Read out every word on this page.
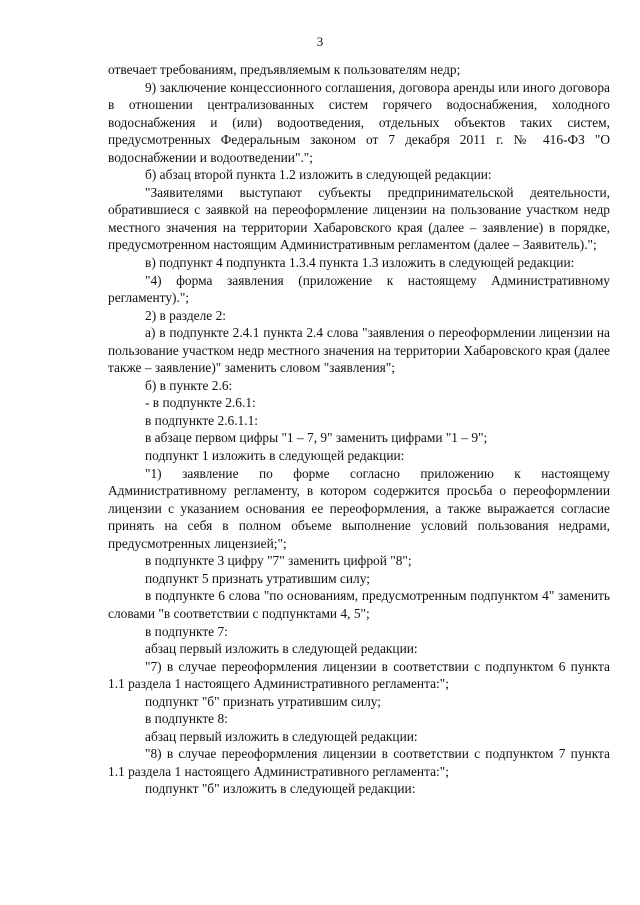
3

отвечает требованиям, предъявляемым к пользователям недр;

9) заключение концессионного соглашения, договора аренды или иного договора в отношении централизованных систем горячего водоснабжения, холодного водоснабжения и (или) водоотведения, отдельных объектов таких систем, предусмотренных Федеральным законом от 7 декабря 2011 г. № 416-ФЗ "О водоснабжении и водоотведении".";

б) абзац второй пункта 1.2 изложить в следующей редакции:

"Заявителями выступают субъекты предпринимательской деятельности, обратившиеся с заявкой на переоформление лицензии на пользование участком недр местного значения на территории Хабаровского края (далее – заявление) в порядке, предусмотренном настоящим Административным регламентом (далее – Заявитель).";

в) подпункт 4 подпункта 1.3.4 пункта 1.3 изложить в следующей редакции:

"4) форма заявления (приложение к настоящему Административному регламенту).";

2) в разделе 2:

а) в подпункте 2.4.1 пункта 2.4 слова "заявления о переоформлении лицензии на пользование участком недр местного значения на территории Хабаровского края (далее также – заявление)" заменить словом "заявления";

б) в пункте 2.6:

- в подпункте 2.6.1:

в подпункте 2.6.1.1:

в абзаце первом цифры "1 – 7, 9" заменить цифрами "1 – 9";

подпункт 1 изложить в следующей редакции:

"1) заявление по форме согласно приложению к настоящему Административному регламенту, в котором содержится просьба о переоформлении лицензии с указанием основания ее переоформления, а также выражается согласие принять на себя в полном объеме выполнение условий пользования недрами, предусмотренных лицензией;";

в подпункте 3 цифру "7" заменить цифрой "8";

подпункт 5 признать утратившим силу;

в подпункте 6 слова "по основаниям, предусмотренным подпунктом 4" заменить словами "в соответствии с подпунктами 4, 5";

в подпункте 7:

абзац первый изложить в следующей редакции:

"7) в случае переоформления лицензии в соответствии с подпунктом 6 пункта 1.1 раздела 1 настоящего Административного регламента:";

подпункт "б" признать утратившим силу;

в подпункте 8:

абзац первый изложить в следующей редакции:

"8) в случае переоформления лицензии в соответствии с подпунктом 7 пункта 1.1 раздела 1 настоящего Административного регламента:";

подпункт "б" изложить в следующей редакции:
